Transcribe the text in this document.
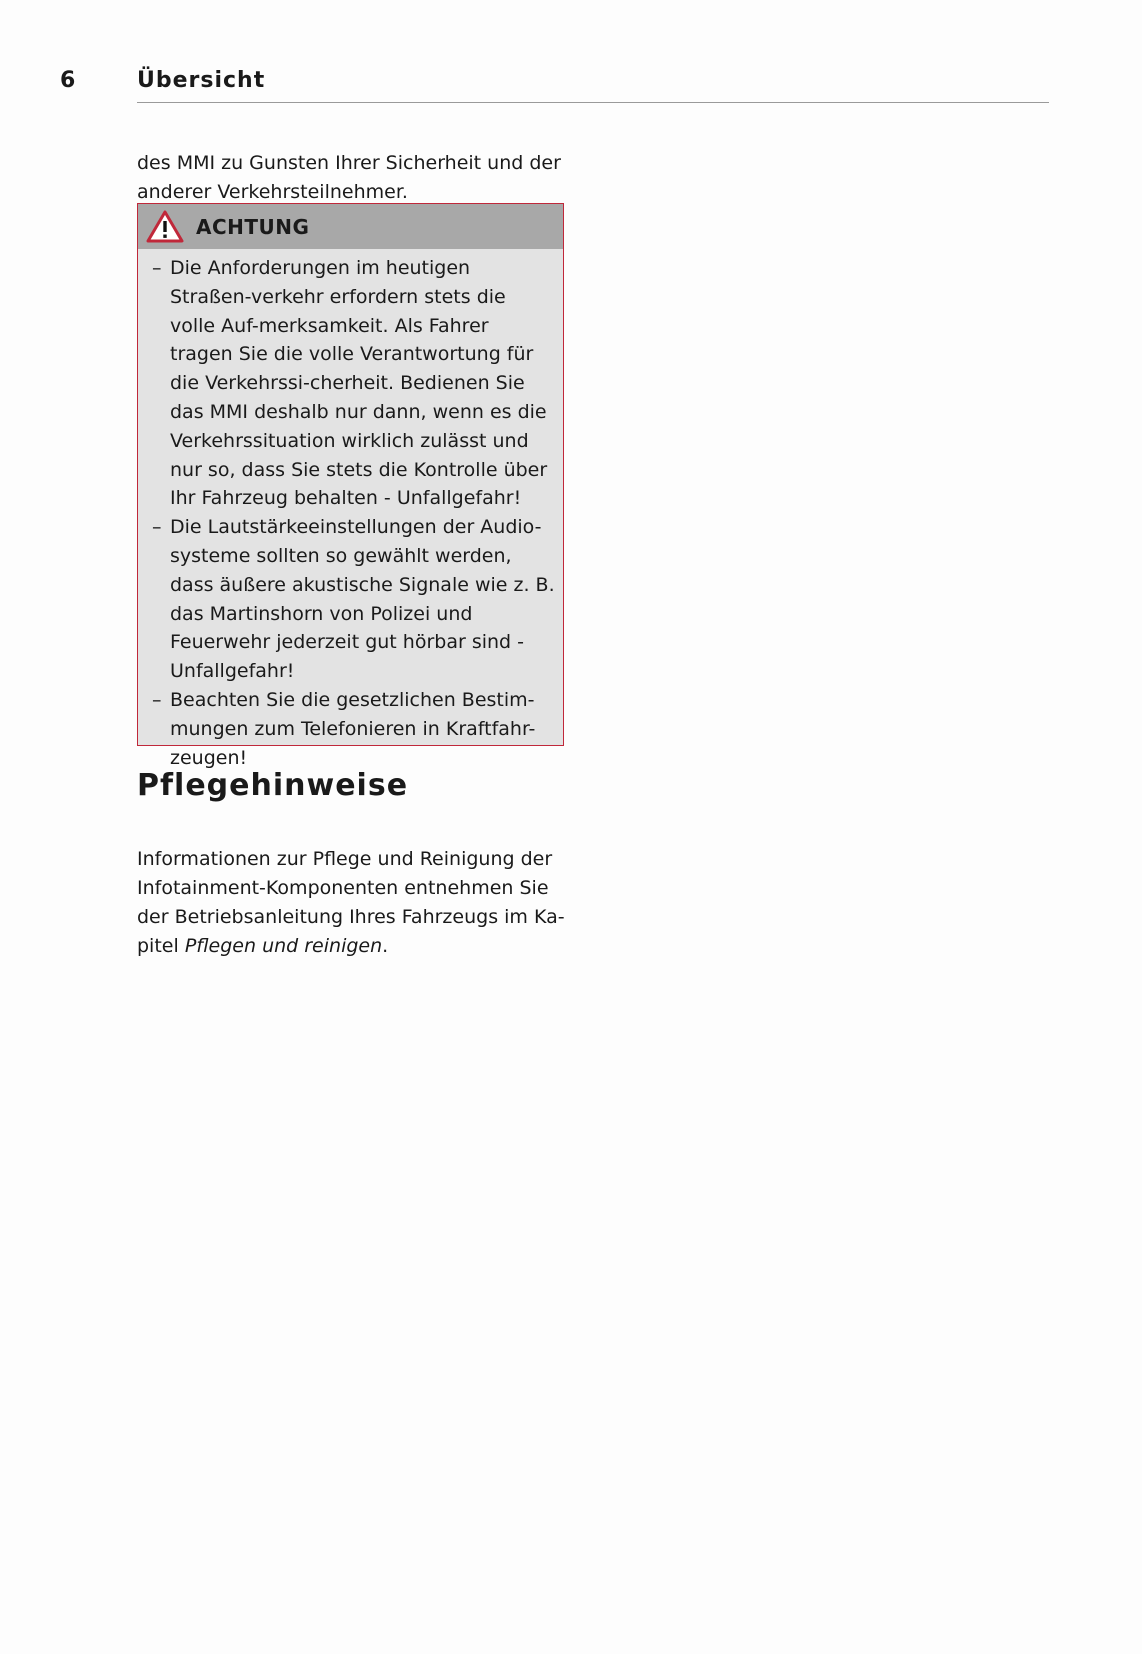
6	Übersicht

des MMI zu Gunsten Ihrer Sicherheit und der anderer Verkehrsteilnehmer.

ACHTUNG
– Die Anforderungen im heutigen Straßen-verkehr erfordern stets die volle Auf-merksamkeit. Als Fahrer tragen Sie die volle Verantwortung für die Verkehrssi-cherheit. Bedienen Sie das MMI deshalb nur dann, wenn es die Verkehrssituation wirklich zulässt und nur so, dass Sie stets die Kontrolle über Ihr Fahrzeug behalten - Unfallgefahr!
– Die Lautstärkeeinstellungen der Audio-systeme sollten so gewählt werden, dass äußere akustische Signale wie z. B. das Martinshorn von Polizei und Feuerwehr jederzeit gut hörbar sind - Unfallgefahr!
– Beachten Sie die gesetzlichen Bestim-mungen zum Telefonieren in Kraftfahr-zeugen!
Pflegehinweise

Informationen zur Pflege und Reinigung der Infotainment-Komponenten entnehmen Sie der Betriebsanleitung Ihres Fahrzeugs im Ka-pitel Pflegen und reinigen.
